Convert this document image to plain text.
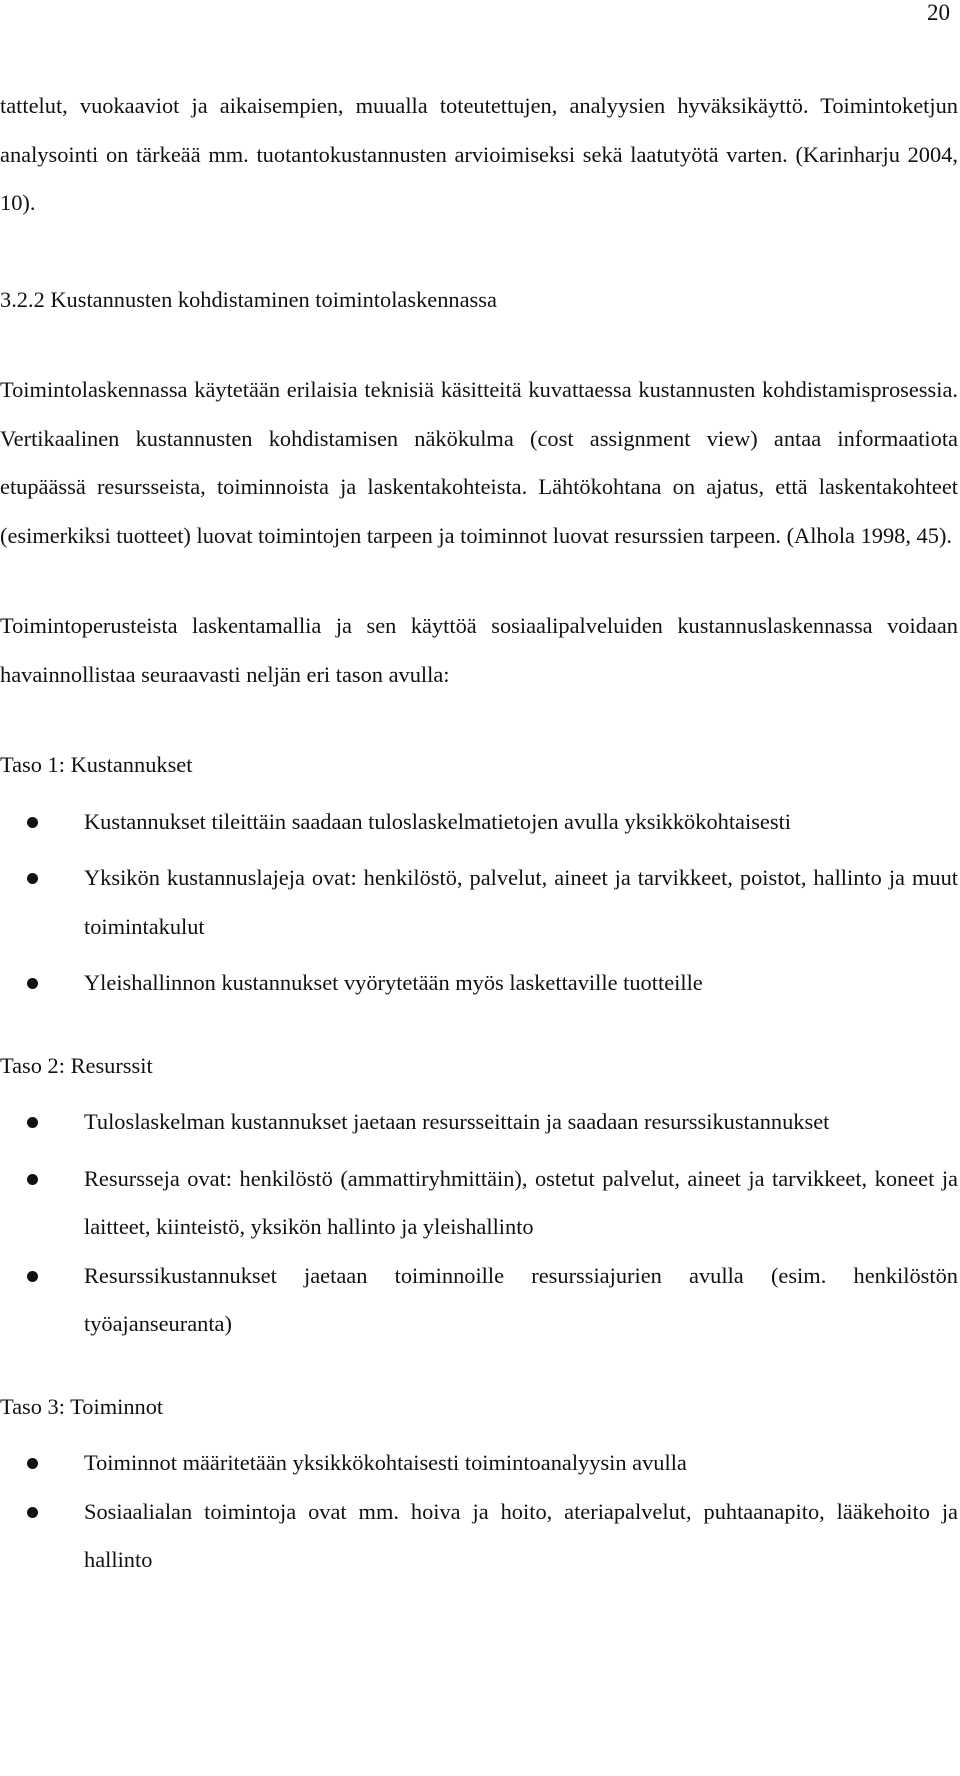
20

tattelut, vuokaaviot ja aikaisempien, muualla toteutettujen, analyysien hyväksikäyttö. Toimintoketjun analysointi on tärkeää mm. tuotantokustannusten arvioimiseksi sekä laatutyötä varten. (Karinharju 2004, 10).

3.2.2 Kustannusten kohdistaminen toimintolaskennassa

Toimintolaskennassa käytetään erilaisia teknisiä käsitteitä kuvattaessa kustannusten kohdistamisprosessia. Vertikaalinen kustannusten kohdistamisen näkökulma (cost assignment view) antaa informaatiota etupäässä resursseista, toiminnoista ja laskentakohteista. Lähtökohtana on ajatus, että laskentakohteet (esimerkiksi tuotteet) luovat toimintojen tarpeen ja toiminnot luovat resurssien tarpeen. (Alhola 1998, 45).

Toimintoperusteista laskentamallia ja sen käyttöä sosiaalipalveluiden kustannuslaskennassa voidaan havainnollistaa seuraavasti neljän eri tason avulla:

Taso 1: Kustannukset

Kustannukset tileittäin saadaan tuloslaskelmatietojen avulla yksikkökohtaisesti
Yksikön kustannuslajeja ovat: henkilöstö, palvelut, aineet ja tarvikkeet, poistot, hallinto ja muut toimintakulut
Yleishallinnon kustannukset vyörytetään myös laskettaville tuotteille

Taso 2: Resurssit

Tuloslaskelman kustannukset jaetaan resursseittain ja saadaan resurssikustannukset
Resursseja ovat: henkilöstö (ammattiryhmittäin), ostetut palvelut, aineet ja tarvikkeet, koneet ja laitteet, kiinteistö, yksikön hallinto ja yleishallinto
Resurssikustannukset jaetaan toiminnoille resurssiajurien avulla (esim. henkilöstön työajanseuranta)

Taso 3: Toiminnot

Toiminnot määritetään yksikkökohtaisesti toimintoanalyysin avulla
Sosiaalialan toimintoja ovat mm. hoiva ja hoito, ateriapalvelut, puhtaanapito, lääkehoito ja hallinto
